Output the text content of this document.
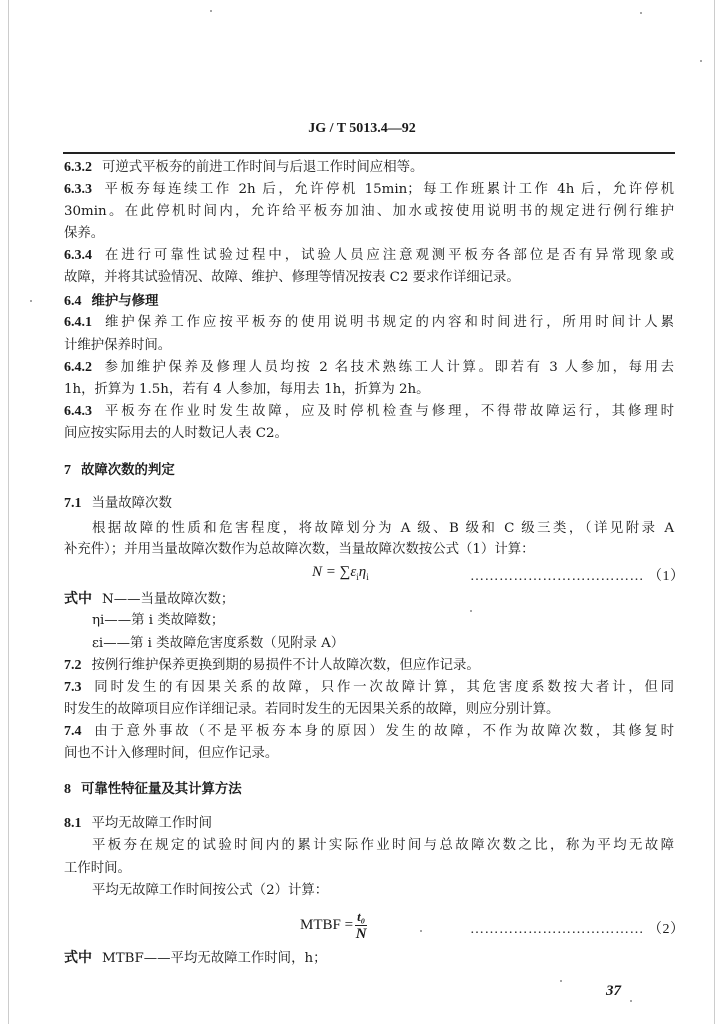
JG / T 5013.4—92
6.3.2 可逆式平板夯的前进工作时间与后退工作时间应相等。
6.3.3 平板夯每连续工作 2h 后，允许停机 15min；每工作班累计工作 4h 后，允许停机
30min。在此停机时间内，允许给平板夯加油、加水或按使用说明书的规定进行例行维护
保养。
6.3.4 在进行可靠性试验过程中，试验人员应注意观测平板夯各部位是否有异常现象或
故障，并将其试验情况、故障、维护、修理等情况按表 C2 要求作详细记录。
6.4 维护与修理
6.4.1 维护保养工作应按平板夯的使用说明书规定的内容和时间进行，所用时间计人累
计维护保养时间。
6.4.2 参加维护保养及修理人员均按 2 名技术熟练工人计算。即若有 3 人参加，每用去
1h，折算为 1.5h，若有 4 人参加，每用去 1h，折算为 2h。
6.4.3 平板夯在作业时发生故障，应及时停机检查与修理，不得带故障运行，其修理时
间应按实际用去的人时数记人表 C2。
7 故障次数的判定
7.1 当量故障次数
根据故障的性质和危害程度，将故障划分为 A 级、B 级和 C 级三类，（详见附录 A
补充件）；并用当量故障次数作为总故障次数，当量故障次数按公式（1）计算：
式中 N——当量故障次数；
ηi——第 i 类故障数；
εi——第 i 类故障危害度系数（见附录 A）
7.2 按例行维护保养更换到期的易损件不计人故障次数，但应作记录。
7.3 同时发生的有因果关系的故障，只作一次故障计算，其危害度系数按大者计，但同
时发生的故障项目应作详细记录。若同时发生的无因果关系的故障，则应分别计算。
7.4 由于意外事故（不是平板夯本身的原因）发生的故障，不作为故障次数，其修复时
间也不计入修理时间，但应作记录。
8 可靠性特征量及其计算方法
8.1 平均无故障工作时间
平板夯在规定的试验时间内的累计实际作业时间与总故障次数之比，称为平均无故障
工作时间。
平均无故障工作时间按公式（2）计算：
式中 MTBF——平均无故障工作时间，h；
$N = \sum\varepsilon_i\eta_i$	……………………………… （1）
MTBF = $\frac{\text{t₀}}{N}$	……………………………… （2）
37
